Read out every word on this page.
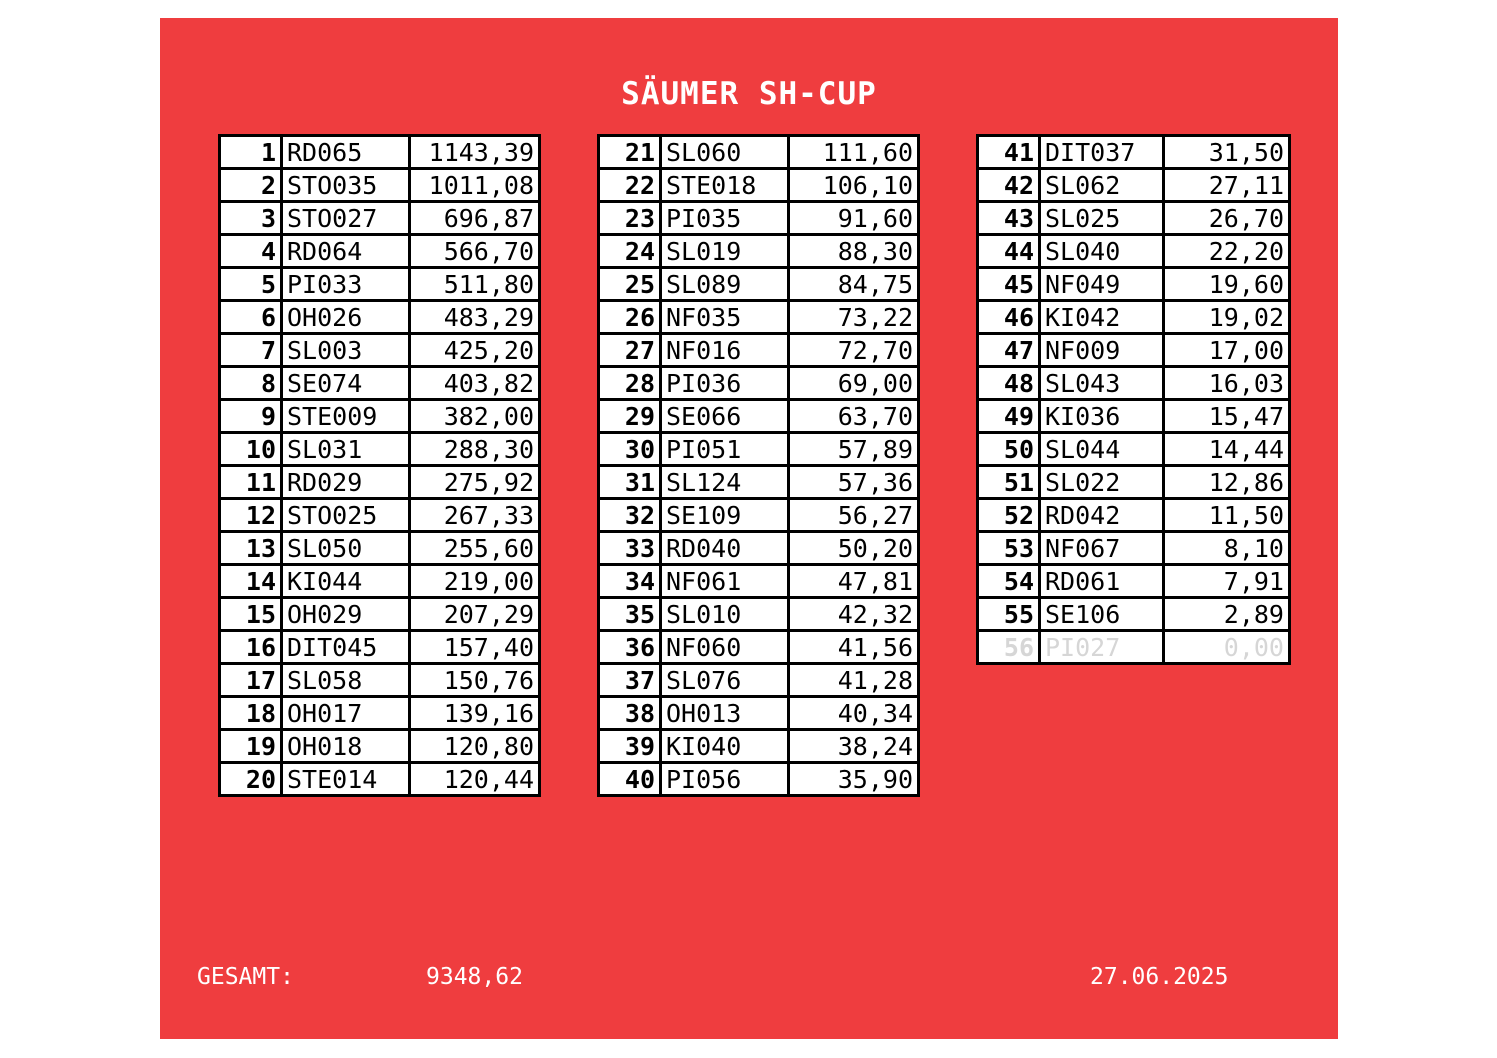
SÄUMER SH-CUP
1	RD065	1143,39
2	STO035	1011,08
3	STO027	696,87
4	RD064	566,70
5	PI033	511,80
6	OH026	483,29
7	SL003	425,20
8	SE074	403,82
9	STE009	382,00
10	SL031	288,30
11	RD029	275,92
12	STO025	267,33
13	SL050	255,60
14	KI044	219,00
15	OH029	207,29
16	DIT045	157,40
17	SL058	150,76
18	OH017	139,16
19	OH018	120,80
20	STE014	120,44
21	SL060	111,60
22	STE018	106,10
23	PI035	91,60
24	SL019	88,30
25	SL089	84,75
26	NF035	73,22
27	NF016	72,70
28	PI036	69,00
29	SE066	63,70
30	PI051	57,89
31	SL124	57,36
32	SE109	56,27
33	RD040	50,20
34	NF061	47,81
35	SL010	42,32
36	NF060	41,56
37	SL076	41,28
38	OH013	40,34
39	KI040	38,24
40	PI056	35,90
41	DIT037	31,50
42	SL062	27,11
43	SL025	26,70
44	SL040	22,20
45	NF049	19,60
46	KI042	19,02
47	NF009	17,00
48	SL043	16,03
49	KI036	15,47
50	SL044	14,44
51	SL022	12,86
52	RD042	11,50
53	NF067	8,10
54	RD061	7,91
55	SE106	2,89
56	PI027	0,00
GESAMT:	9348,62	27.06.2025
